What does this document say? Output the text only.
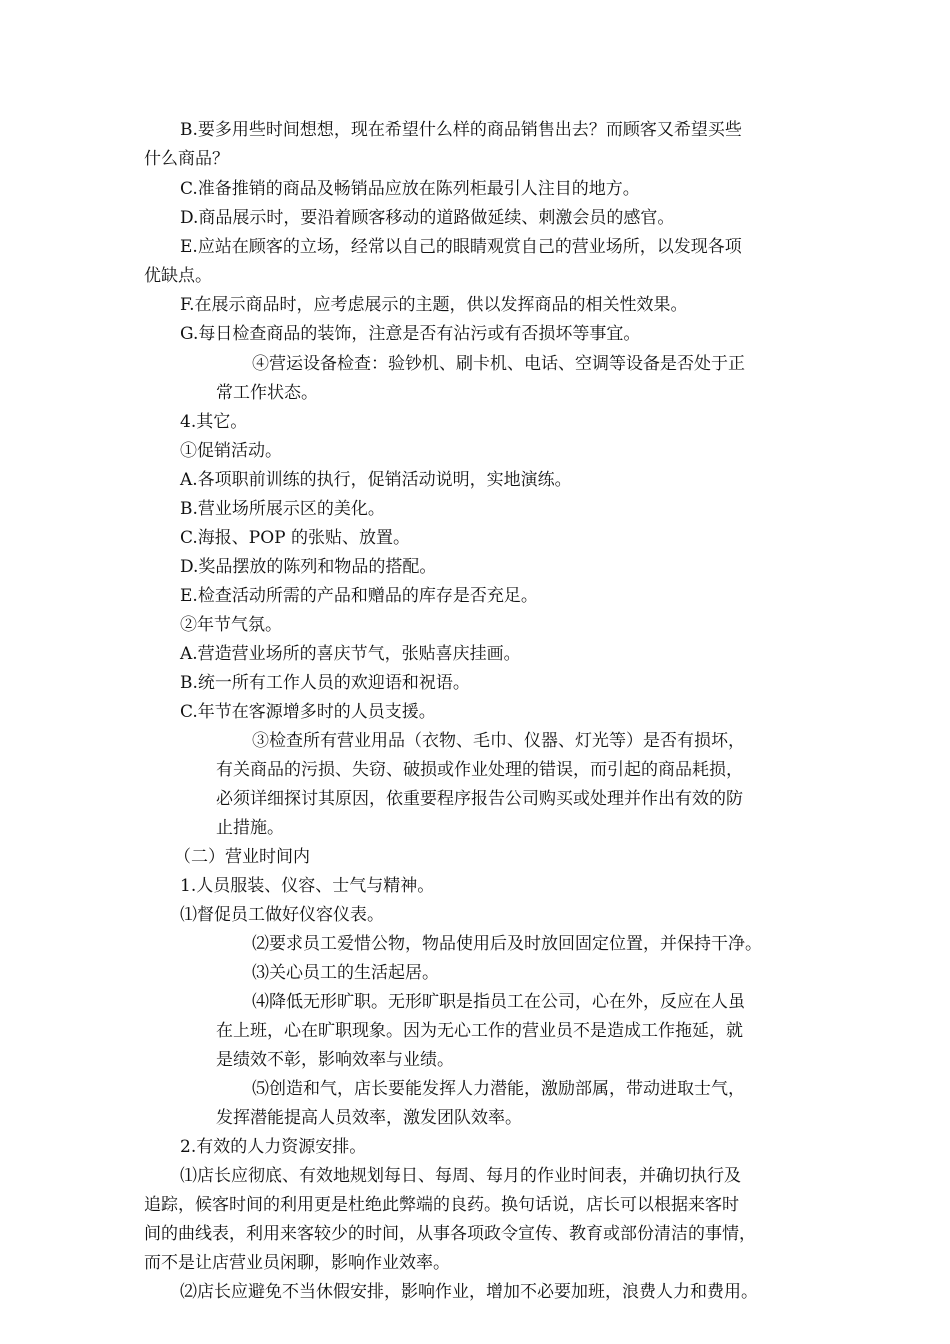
B.要多用些时间想想，现在希望什么样的商品销售出去？而顾客又希望买些
什么商品？
C.准备推销的商品及畅销品应放在陈列柜最引人注目的地方。
D.商品展示时，要沿着顾客移动的道路做延续、刺激会员的感官。
E.应站在顾客的立场，经常以自己的眼睛观赏自己的营业场所，以发现各项
优缺点。
F.在展示商品时，应考虑展示的主题，供以发挥商品的相关性效果。
G.每日检查商品的装饰，注意是否有沾污或有否损坏等事宜。
④营运设备检查：验钞机、刷卡机、电话、空调等设备是否处于正
常工作状态。
4.其它。
①促销活动。
A.各项职前训练的执行，促销活动说明，实地演练。
B.营业场所展示区的美化。
C.海报、POP 的张贴、放置。
D.奖品摆放的陈列和物品的搭配。
E.检查活动所需的产品和赠品的库存是否充足。
②年节气氛。
A.营造营业场所的喜庆节气，张贴喜庆挂画。
B.统一所有工作人员的欢迎语和祝语。
C.年节在客源增多时的人员支援。
③检查所有营业用品（衣物、毛巾、仪器、灯光等）是否有损坏，
有关商品的污损、失窃、破损或作业处理的错误，而引起的商品耗损，
必须详细探讨其原因，依重要程序报告公司购买或处理并作出有效的防
止措施。
（二）营业时间内
1.人员服装、仪容、士气与精神。
⑴督促员工做好仪容仪表。
⑵要求员工爱惜公物，物品使用后及时放回固定位置，并保持干净。
⑶关心员工的生活起居。
⑷降低无形旷职。无形旷职是指员工在公司，心在外，反应在人虽
在上班，心在旷职现象。因为无心工作的营业员不是造成工作拖延，就
是绩效不彰，影响效率与业绩。
⑸创造和气，店长要能发挥人力潜能，激励部属，带动进取士气，
发挥潜能提高人员效率，激发团队效率。
2.有效的人力资源安排。
⑴店长应彻底、有效地规划每日、每周、每月的作业时间表，并确切执行及
追踪，候客时间的利用更是杜绝此弊端的良药。换句话说，店长可以根据来客时
间的曲线表，利用来客较少的时间，从事各项政令宣传、教育或部份清洁的事情，
而不是让店营业员闲聊，影响作业效率。
⑵店长应避免不当休假安排，影响作业，增加不必要加班，浪费人力和费用。
